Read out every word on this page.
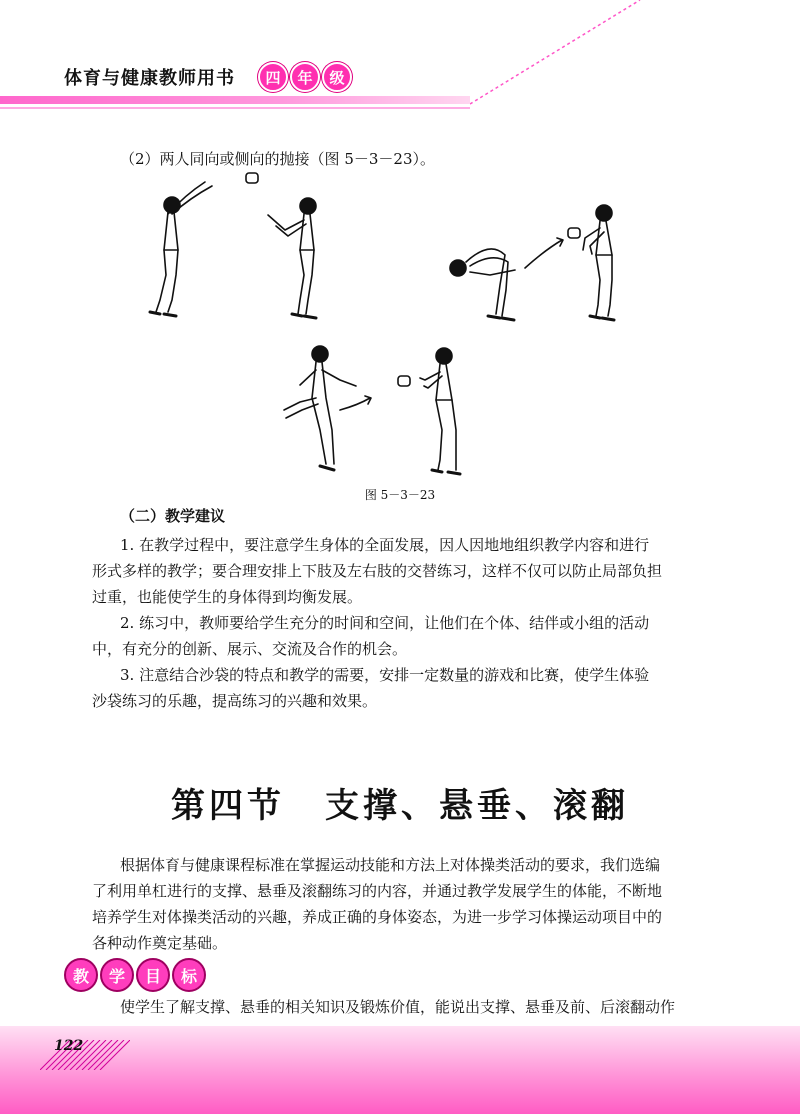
体育与健康教师用书	四	年	级
（2）两人同向或侧向的抛接（图 5－3－23）。
图 5－3－23
（二）教学建议
1. 在教学过程中，要注意学生身体的全面发展，因人因地地组织教学内容和进行
形式多样的教学；要合理安排上下肢及左右肢的交替练习，这样不仅可以防止局部负担
过重，也能使学生的身体得到均衡发展。
2. 练习中，教师要给学生充分的时间和空间，让他们在个体、结伴或小组的活动
中，有充分的创新、展示、交流及合作的机会。
3. 注意结合沙袋的特点和教学的需要，安排一定数量的游戏和比赛，使学生体验
沙袋练习的乐趣，提高练习的兴趣和效果。
第四节 支撑、悬垂、滚翻
根据体育与健康课程标准在掌握运动技能和方法上对体操类活动的要求，我们选编
了利用单杠进行的支撑、悬垂及滚翻练习的内容，并通过教学发展学生的体能，不断地
培养学生对体操类活动的兴趣，养成正确的身体姿态，为进一步学习体操运动项目中的
各种动作奠定基础。
教	学	目	标
使学生了解支撑、悬垂的相关知识及锻炼价值，能说出支撑、悬垂及前、后滚翻动作
122
